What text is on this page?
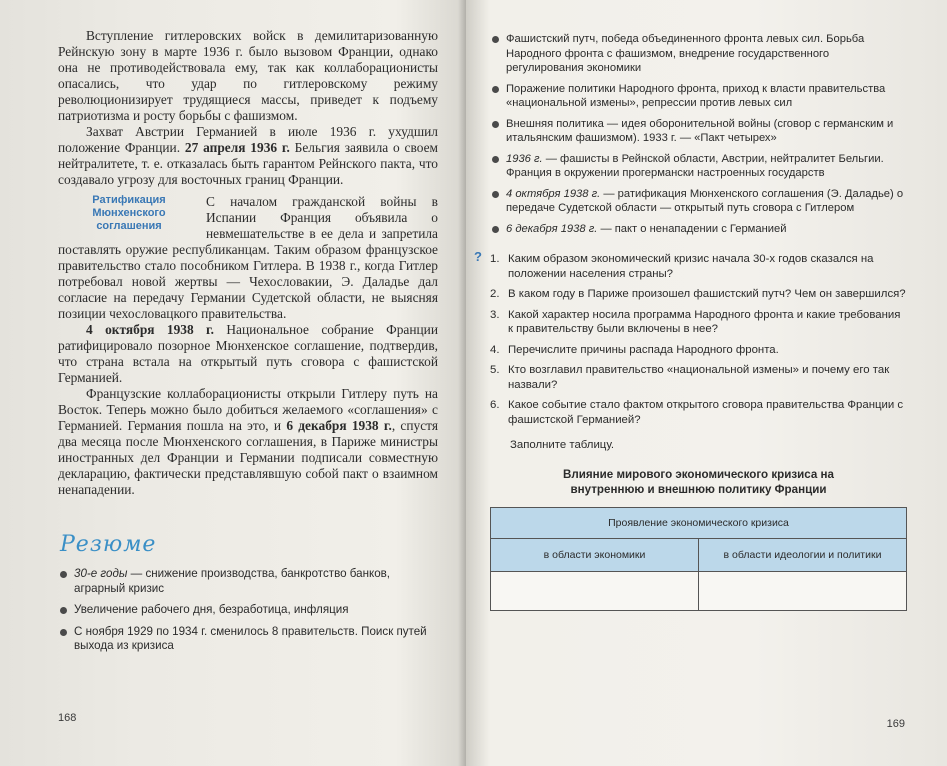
Вступление гитлеровских войск в демилитаризованную Рейнскую зону в марте 1936 г. было вызовом Франции, однако она не противодействовала ему, так как коллаборационисты опасались, что удар по гитлеровскому режиму революционизирует трудящиеся массы, приведет к подъему патриотизма и росту борьбы с фашизмом.

Захват Австрии Германией в июле 1936 г. ухудшил положение Франции. 27 апреля 1936 г. Бельгия заявила о своем нейтралитете, т. е. отказалась быть гарантом Рейнского пакта, что создавало угрозу для восточных границ Франции.

Ратификация Мюнхенского соглашения

С началом гражданской войны в Испании Франция объявила о невмешательстве в ее дела и запретила поставлять оружие республиканцам. Таким образом французское правительство стало пособником Гитлера. В 1938 г., когда Гитлер потребовал новой жертвы — Чехословакии, Э. Даладье дал согласие на передачу Германии Судетской области, не выясняя позиции чехословацкого правительства.

4 октября 1938 г. Национальное собрание Франции ратифицировало позорное Мюнхенское соглашение, подтвердив, что страна встала на открытый путь сговора с фашистской Германией.

Французские коллаборационисты открыли Гитлеру путь на Восток. Теперь можно было добиться желаемого «соглашения» с Германией. Германия пошла на это, и 6 декабря 1938 г., спустя два месяца после Мюнхенского соглашения, в Париже министры иностранных дел Франции и Германии подписали совместную декларацию, фактически представлявшую собой пакт о взаимном ненападении.

Резюме
30-е годы — снижение производства, банкротство банков, аграрный кризис
Увеличение рабочего дня, безработица, инфляция
С ноября 1929 по 1934 г. сменилось 8 правительств. Поиск путей выхода из кризиса
168
Фашистский путч, победа объединенного фронта левых сил. Борьба Народного фронта с фашизмом, внедрение государственного регулирования экономики
Поражение политики Народного фронта, приход к власти правительства «национальной измены», репрессии против левых сил
Внешняя политика — идея оборонительной войны (сговор с германским и итальянским фашизмом). 1933 г. — «Пакт четырех»
1936 г. — фашисты в Рейнской области, Австрии, нейтралитет Бельгии. Франция в окружении прогермански настроенных государств
4 октября 1938 г. — ратификация Мюнхенского соглашения (Э. Даладье) о передаче Судетской области — открытый путь сговора с Гитлером
6 декабря 1938 г. — пакт о ненападении с Германией
? 1. Каким образом экономический кризис начала 30-х годов сказался на положении населения страны?
2. В каком году в Париже произошел фашистский путч? Чем он завершился?
3. Какой характер носила программа Народного фронта и какие требования к правительству были включены в нее?
4. Перечислите причины распада Народного фронта.
5. Кто возглавил правительство «национальной измены» и почему его так назвали?
6. Какое событие стало фактом открытого сговора правительства Франции с фашистской Германией?
Заполните таблицу.
Влияние мирового экономического кризиса на
внутреннюю и внешнюю политику Франции
Проявление экономического кризиса	
в области экономики	в области идеологии и политики

169
